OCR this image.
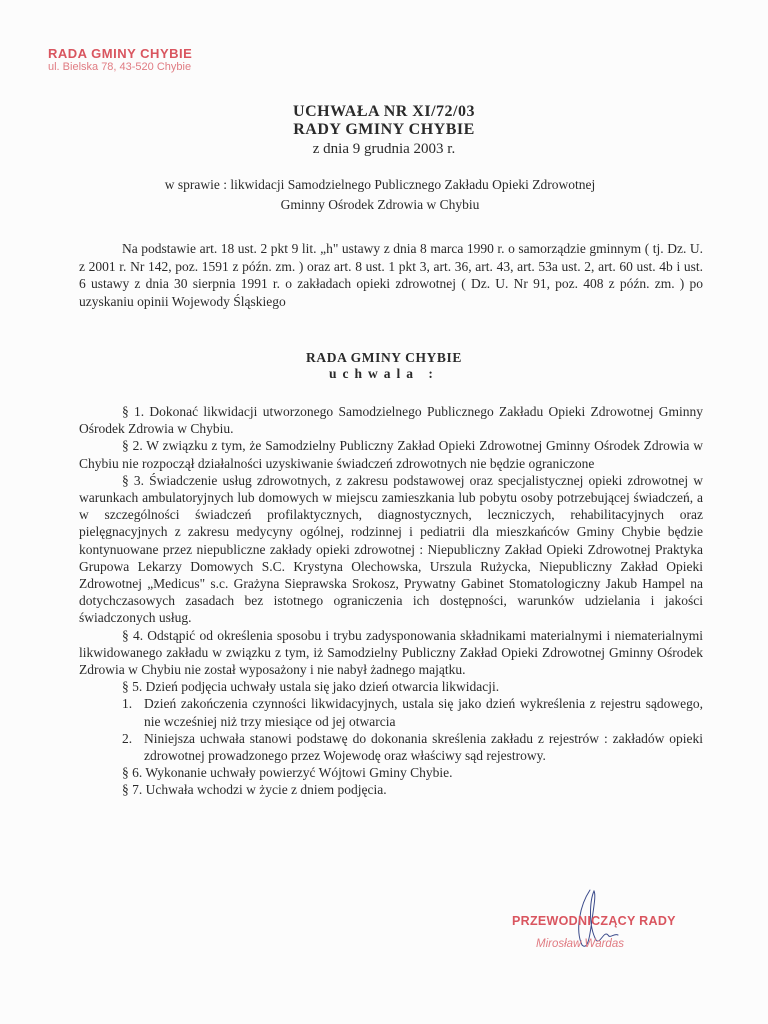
RADA GMINY CHYBIE
ul. Bielska 78, 43-520 Chybie
UCHWAŁA NR XI/72/03
RADY GMINY CHYBIE
z dnia 9 grudnia 2003 r.
w sprawie : likwidacji Samodzielnego Publicznego Zakładu Opieki Zdrowotnej
Gminny Ośrodek Zdrowia w Chybiu
Na podstawie art. 18 ust. 2 pkt 9 lit. „h" ustawy z dnia 8 marca 1990 r. o samorządzie gminnym ( tj. Dz. U. z 2001 r. Nr 142, poz. 1591 z późn. zm. ) oraz art. 8 ust. 1 pkt 3, art. 36, art. 43, art. 53a ust. 2, art. 60 ust. 4b i ust. 6 ustawy z dnia 30 sierpnia 1991 r. o zakładach opieki zdrowotnej ( Dz. U. Nr 91, poz. 408 z późn. zm. ) po uzyskaniu opinii Wojewody Śląskiego
RADA GMINY CHYBIE
uchwala :

§ 1. Dokonać likwidacji utworzonego Samodzielnego Publicznego Zakładu Opieki Zdrowotnej Gminny Ośrodek Zdrowia w Chybiu.

§ 2. W związku z tym, że Samodzielny Publiczny Zakład Opieki Zdrowotnej Gminny Ośrodek Zdrowia w Chybiu nie rozpoczął działalności uzyskiwanie świadczeń zdrowotnych nie będzie ograniczone

§ 3. Świadczenie usług zdrowotnych, z zakresu podstawowej oraz specjalistycznej opieki zdrowotnej w warunkach ambulatoryjnych lub domowych w miejscu zamieszkania lub pobytu osoby potrzebującej świadczeń, a w szczególności świadczeń profilaktycznych, diagnostycznych, leczniczych, rehabilitacyjnych oraz pielęgnacyjnych z zakresu medycyny ogólnej, rodzinnej i pediatrii dla mieszkańców Gminy Chybie będzie kontynuowane przez niepubliczne zakłady opieki zdrowotnej : Niepubliczny Zakład Opieki Zdrowotnej Praktyka Grupowa Lekarzy Domowych S.C. Krystyna Olechowska, Urszula Rużycka, Niepubliczny Zakład Opieki Zdrowotnej „Medicus" s.c. Grażyna Sieprawska Srokosz, Prywatny Gabinet Stomatologiczny Jakub Hampel na dotychczasowych zasadach bez istotnego ograniczenia ich dostępności, warunków udzielania i jakości świadczonych usług.

§ 4. Odstąpić od określenia sposobu i trybu zadysponowania składnikami materialnymi i niematerialnymi likwidowanego zakładu w związku z tym, iż Samodzielny Publiczny Zakład Opieki Zdrowotnej Gminny Ośrodek Zdrowia w Chybiu nie został wyposażony i nie nabył żadnego majątku.

§ 5. Dzień podjęcia uchwały ustala się jako dzień otwarcia likwidacji.

1. Dzień zakończenia czynności likwidacyjnych, ustala się jako dzień wykreślenia z rejestru sądowego, nie wcześniej niż trzy miesiące od jej otwarcia
2. Niniejsza uchwała stanowi podstawę do dokonania skreślenia zakładu z rejestrów : zakładów opieki zdrowotnej prowadzonego przez Wojewodę oraz właściwy sąd rejestrowy.

§ 6. Wykonanie uchwały powierzyć Wójtowi Gminy Chybie.

§ 7. Uchwała wchodzi w życie z dniem podjęcia.

PRZEWODNICZĄCY RADY
Mirosław Wardas
